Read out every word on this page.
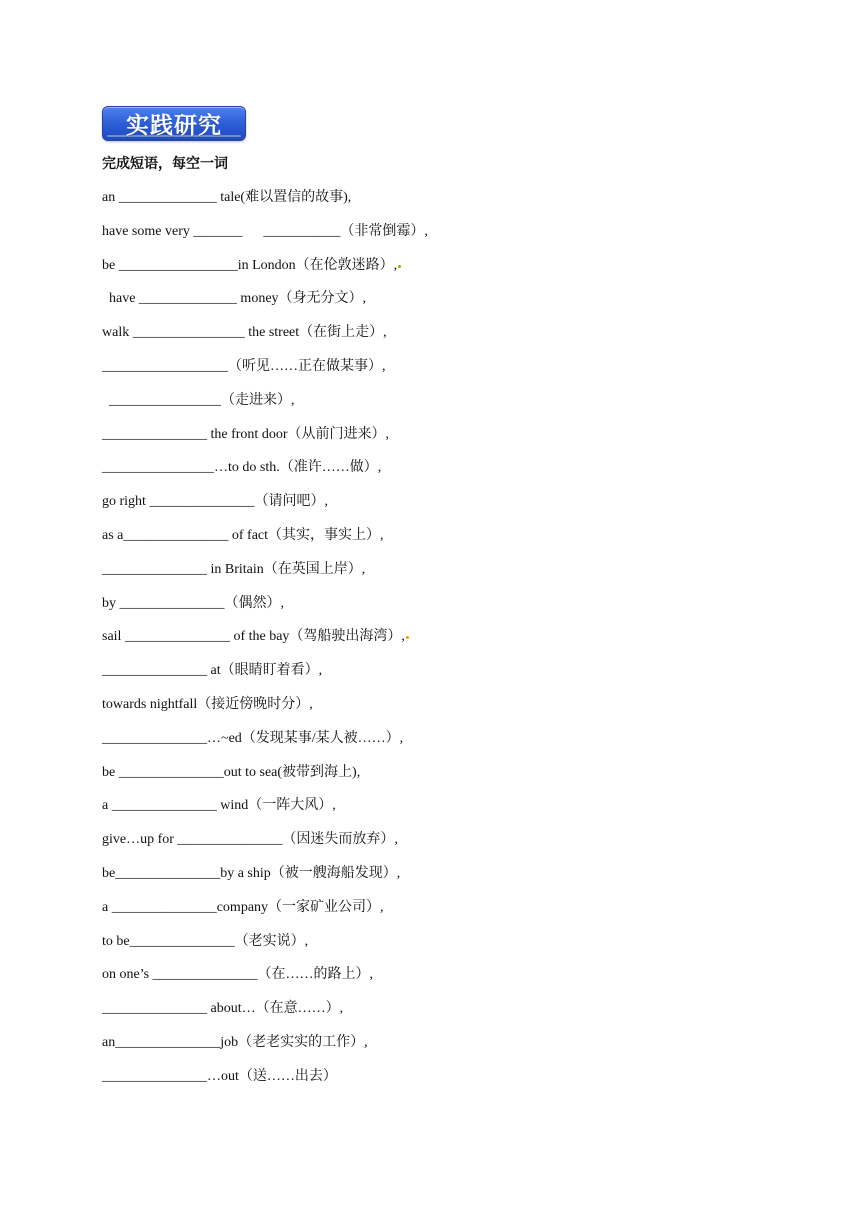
实践研究
完成短语，每空一词
an ______________ tale(难以置信的故事),
have some very _______      ___________（非常倒霉）,
be _________________in London（在伦敦迷路）,
have ______________ money（身无分文）,
walk ________________ the street（在街上走）,
__________________（听见……正在做某事）,
________________（走进来）,
_______________ the front door（从前门进来）,
________________…to do sth.（准许……做）,
go right _______________（请问吧）,
as a_______________ of fact（其实，事实上）,
_______________ in Britain（在英国上岸）,
by _______________（偶然）,
sail _______________ of the bay（驾船驶出海湾）,
_______________ at（眼睛盯着看）,
towards nightfall（接近傍晚时分）,
_______________…~ed（发现某事/某人被……）,
be _______________out to sea(被带到海上),
a _______________ wind（一阵大风）,
give…up for _______________（因迷失而放弃）,
be_______________by a ship（被一艘海船发现）,
a _______________company（一家矿业公司）,
to be_______________（老实说）,
on one’s _______________（在……的路上）,
_______________ about…（在意……）,
an_______________job（老老实实的工作）,
_______________…out（送……出去）
